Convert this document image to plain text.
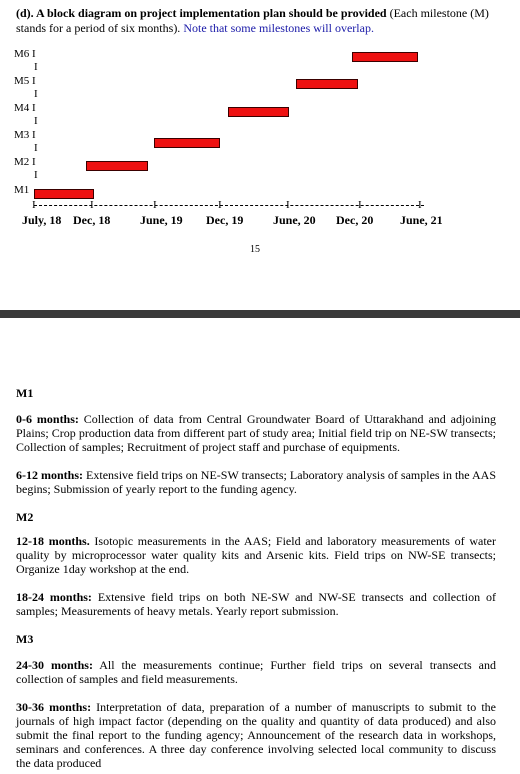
(d). A block diagram on project implementation plan should be provided (Each milestone (M) stands for a period of six months). Note that some milestones will overlap.
M6 I
I
M5 I
I
M4 I
I
M3 I
I
M2 I
I
M1
I	I	I	I	I	I	I
July, 18 Dec, 18 June, 19 Dec, 19 June, 20 Dec, 20 June, 21
15
M1
0-6 months: Collection of data from Central Groundwater Board of Uttarakhand and adjoining Plains; Crop production data from different part of study area; Initial field trip on NE-SW transects; Collection of samples; Recruitment of project staff and purchase of equipments.
6-12 months: Extensive field trips on NE-SW transects; Laboratory analysis of samples in the AAS begins; Submission of yearly report to the funding agency.
M2
12-18 months. Isotopic measurements in the AAS; Field and laboratory measurements of water quality by microprocessor water quality kits and Arsenic kits. Field trips on NW-SE transects; Organize 1day workshop at the end.
18-24 months: Extensive field trips on both NE-SW and NW-SE transects and collection of samples; Measurements of heavy metals. Yearly report submission.
M3
24-30 months: All the measurements continue; Further field trips on several transects and collection of samples and field measurements.
30-36 months: Interpretation of data, preparation of a number of manuscripts to submit to the journals of high impact factor (depending on the quality and quantity of data produced) and also submit the final report to the funding agency; Announcement of the research data in workshops, seminars and conferences. A three day conference involving selected local community to discuss the data produced
